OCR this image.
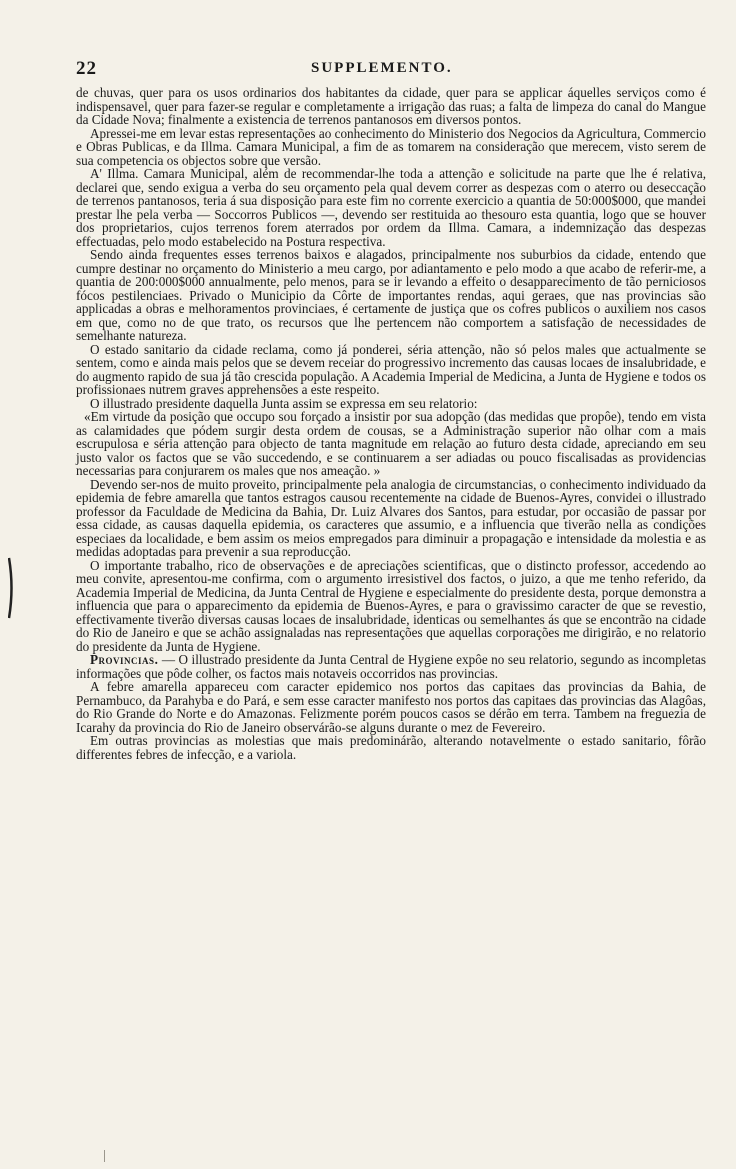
22	SUPPLEMENTO.

de chuvas, quer para os usos ordinarios dos habitantes da cidade, quer para se applicar áquelles serviços como é indispensavel, quer para fazer-se regular e completamente a irrigação das ruas; a falta de limpeza do canal do Mangue da Cidade Nova; finalmente a existencia de terrenos pantanosos em diversos pontos.

Apressei-me em levar estas representações ao conhecimento do Ministerio dos Negocios da Agricultura, Commercio e Obras Publicas, e da Illma. Camara Municipal, a fim de as tomarem na consideração que merecem, visto serem de sua competencia os objectos sobre que versão.

A' Illma. Camara Municipal, além de recommendar-lhe toda a attenção e solicitude na parte que lhe é relativa, declarei que, sendo exigua a verba do seu orçamento pela qual devem correr as despezas com o aterro ou deseccação de terrenos pantanosos, teria á sua disposição para este fim no corrente exercicio a quantia de 50:000$000, que mandei prestar lhe pela verba — Soccorros Publicos —, devendo ser restituida ao thesouro esta quantia, logo que se houver dos proprietarios, cujos terrenos forem aterrados por ordem da Illma. Camara, a indemnização das despezas effectuadas, pelo modo estabelecido na Postura respectiva.

Sendo ainda frequentes esses terrenos baixos e alagados, principalmente nos suburbios da cidade, entendo que cumpre destinar no orçamento do Ministerio a meu cargo, por adiantamento e pelo modo a que acabo de referir-me, a quantia de 200:000$000 annualmente, pelo menos, para se ir levando a effeito o desapparecimento de tão perniciosos fócos pestilenciaes. Privado o Municipio da Côrte de importantes rendas, aqui geraes, que nas provincias são applicadas a obras e melhoramentos provinciaes, é certamente de justiça que os cofres publicos o auxiliem nos casos em que, como no de que trato, os recursos que lhe pertencem não comportem a satisfação de necessidades de semelhante natureza.

O estado sanitario da cidade reclama, como já ponderei, séria attenção, não só pelos males que actualmente se sentem, como e ainda mais pelos que se devem receiar do progressivo incremento das causas locaes de insalubridade, e do augmento rapido de sua já tão crescida população. A Academia Imperial de Medicina, a Junta de Hygiene e todos os profissionaes nutrem graves apprehensões a este respeito.

O illustrado presidente daquella Junta assim se expressa em seu relatorio:

«Em virtude da posição que occupo sou forçado a insistir por sua adopção (das medidas que propôe), tendo em vista as calamidades que pódem surgir desta ordem de cousas, se a Administração superior não olhar com a mais escrupulosa e séria attenção para objecto de tanta magnitude em relação ao futuro desta cidade, apreciando em seu justo valor os factos que se vão succedendo, e se continuarem a ser adiadas ou pouco fiscalisadas as providencias necessarias para conjurarem os males que nos ameação. »

Devendo ser-nos de muito proveito, principalmente pela analogia de circumstancias, o conhecimento individuado da epidemia de febre amarella que tantos estragos causou recentemente na cidade de Buenos-Ayres, convidei o illustrado professor da Faculdade de Medicina da Bahia, Dr. Luiz Alvares dos Santos, para estudar, por occasião de passar por essa cidade, as causas daquella epidemia, os caracteres que assumio, e a influencia que tiverão nella as condições especiaes da localidade, e bem assim os meios empregados para diminuir a propagação e intensidade da molestia e as medidas adoptadas para prevenir a sua reproducção.

O importante trabalho, rico de observações e de apreciações scientificas, que o distincto professor, accedendo ao meu convite, apresentou-me confirma, com o argumento irresistivel dos factos, o juizo, a que me tenho referido, da Academia Imperial de Medicina, da Junta Central de Hygiene e especialmente do presidente desta, porque demonstra a influencia que para o apparecimento da epidemia de Buenos-Ayres, e para o gravissimo caracter de que se revestio, effectivamente tiverão diversas causas locaes de insalubridade, identicas ou semelhantes ás que se encontrão na cidade do Rio de Janeiro e que se achão assignaladas nas representações que aquellas corporações me dirigirão, e no relatorio do presidente da Junta de Hygiene.

Provincias. — O illustrado presidente da Junta Central de Hygiene expôe no seu relatorio, segundo as incompletas informações que pôde colher, os factos mais notaveis occorridos nas provincias.

A febre amarella appareceu com caracter epidemico nos portos das capitaes das provincias da Bahia, de Pernambuco, da Parahyba e do Pará, e sem esse caracter manifesto nos portos das capitaes das provincias das Alagôas, do Rio Grande do Norte e do Amazonas. Felizmente porém poucos casos se dérão em terra. Tambem na freguezia de Icarahy da provincia do Rio de Janeiro observárão-se alguns durante o mez de Fevereiro.

Em outras provincias as molestias que mais predominárão, alterando notavelmente o estado sanitario, fôrão differentes febres de infecção, e a variola.
